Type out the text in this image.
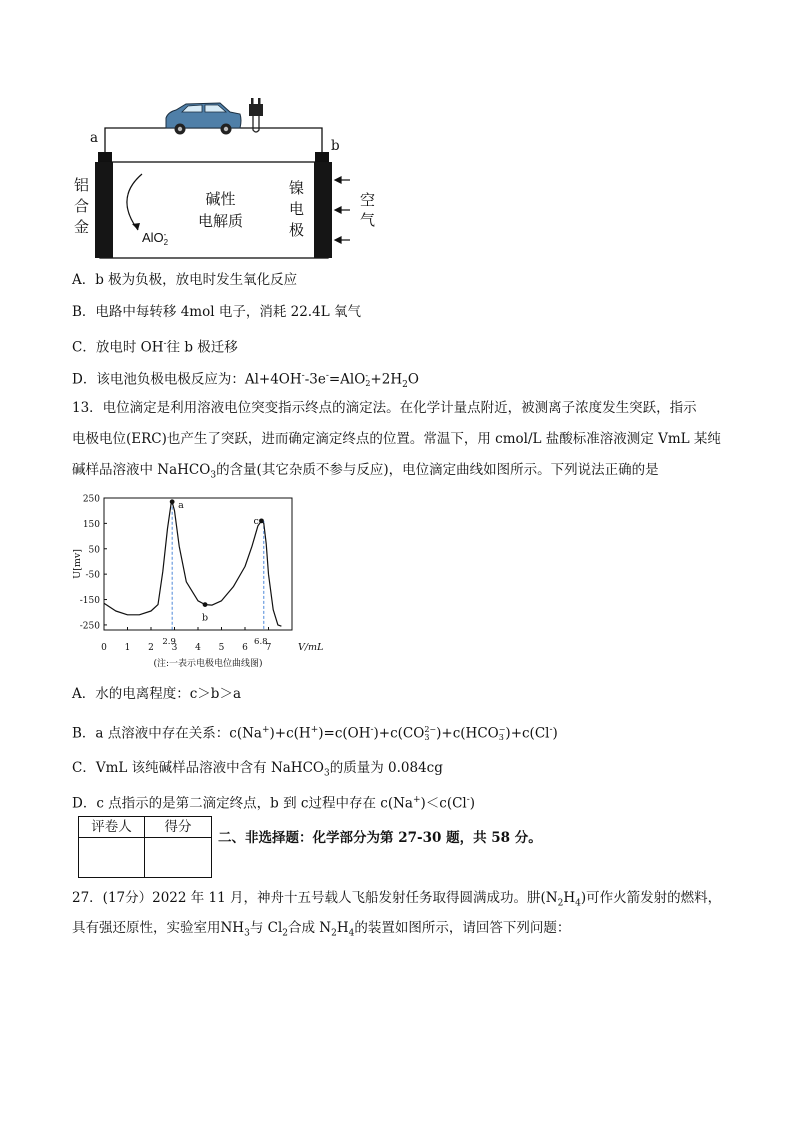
a	b
铝
合
金
镍
电
极
碱性
电解质
空
气
AlO -
2
A．b 极为负极，放电时发生氧化反应
B．电路中每转移 4mol 电子，消耗 22.4L 氧气
C．放电时 OH-往 b 极迁移
D．该电池负极电极反应为：Al+4OH--3e-=AlO -
$2 +2H_2O$
13．电位滴定是利用溶液电位突变指示终点的滴定法。在化学计量点附近，被测离子浓度发生突跃，指示
电极电位(ERC)也产生了突跃，进而确定滴定终点的位置。常温下，用 cmol/L 盐酸标准溶液测定 VmL 某纯
碱样品溶液中 NaHCO$_3$的含量(其它杂质不参与反应)，电位滴定曲线如图所示。下列说法正确的是
250
150
50
-50
-150
-250
0 1 2 3 4 5 6 7
2.9	6.8
a
b
c
U[mv]
V/mL
(注:一表示电极电位曲线图)
A．水的电离程度：c＞b＞a
B．a 点溶液中存在关系：c(Na+)+c(H+)=c(OH-)+c(CO 2−
3 )+c(HCO −
3 )+c(Cl-)
C．VmL 该纯碱样品溶液中含有 NaHCO$_3$的质量为 0.084cg
D．c 点指示的是第二滴定终点，b 到 c过程中存在 c(Na+)＜c(Cl-)
评卷人	得分
二、非选择题：化学部分为第 27-30 题，共 58 分。
27．(17分）2022 年 11 月，神舟十五号载人飞船发射任务取得圆满成功。肼$(N_2H_4)$可作火箭发射的燃料，
具有强还原性，实验室用$NH_3$与 $Cl_2$合成 $N_2H_4$的装置如图所示，请回答下列问题：
